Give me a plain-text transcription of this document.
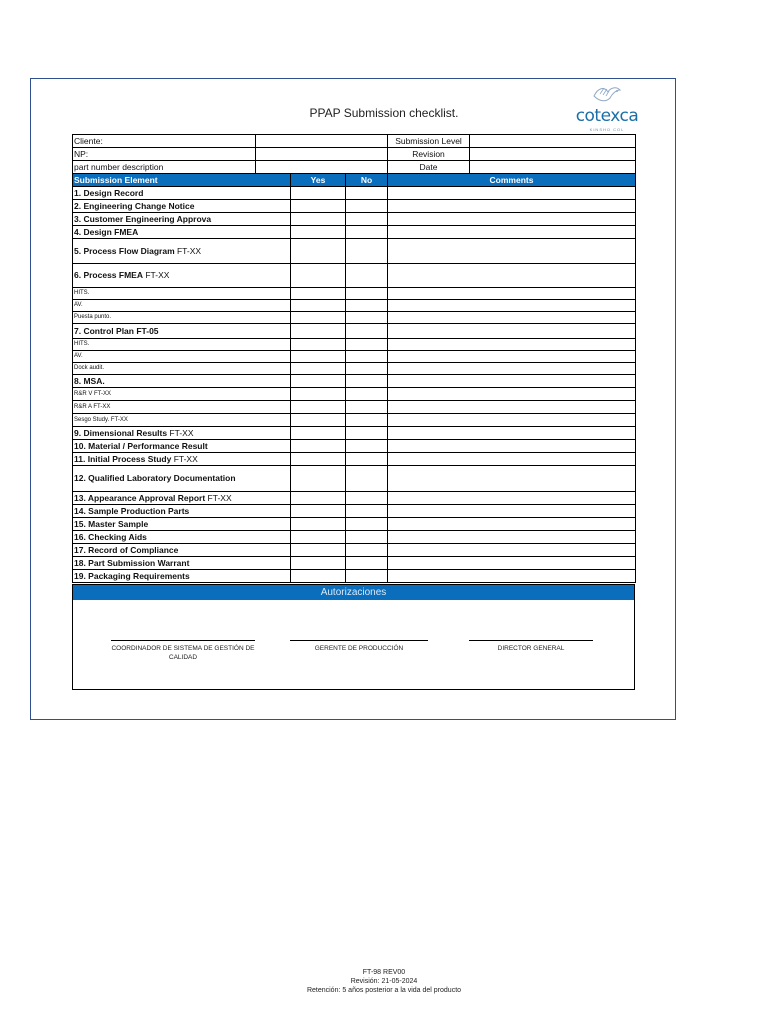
PPAP Submission checklist.	cotexca
KINSHO COL
Cliente:		Submission Level	
NP:		Revision	
part number description		Date	
Submission Element	Yes	No	Comments
1. Design Record			
2. Engineering Change Notice			
3. Customer Engineering Approva			
4. Design FMEA			
5. Process Flow Diagram FT-XX			
6. Process FMEA FT-XX			
HITS.			
AV.			
Puesta punto.			
7. Control Plan FT-05			
HITS.			
AV.			
Dock audit.			
8. MSA.			
R&R V FT-XX			
R&R A FT-XX			
Sesgo Study. FT-XX			
9. Dimensional Results FT-XX			
10. Material / Performance Result			
11. Initial Process Study FT-XX			
12. Qualified Laboratory Documentation			
13. Appearance Approval Report FT-XX			
14. Sample Production Parts			
15. Master Sample			
16. Checking Aids			
17. Record of Compliance			
18. Part Submission Warrant			
19. Packaging Requirements			
Autorizaciones
COORDINADOR DE SISTEMA DE GESTIÓN DE CALIDAD
GERENTE DE PRODUCCIÓN	DIRECTOR GENERAL
FT-98 REV00
Revisión: 21-05-2024
Retención: 5 años posterior a la vida del producto
